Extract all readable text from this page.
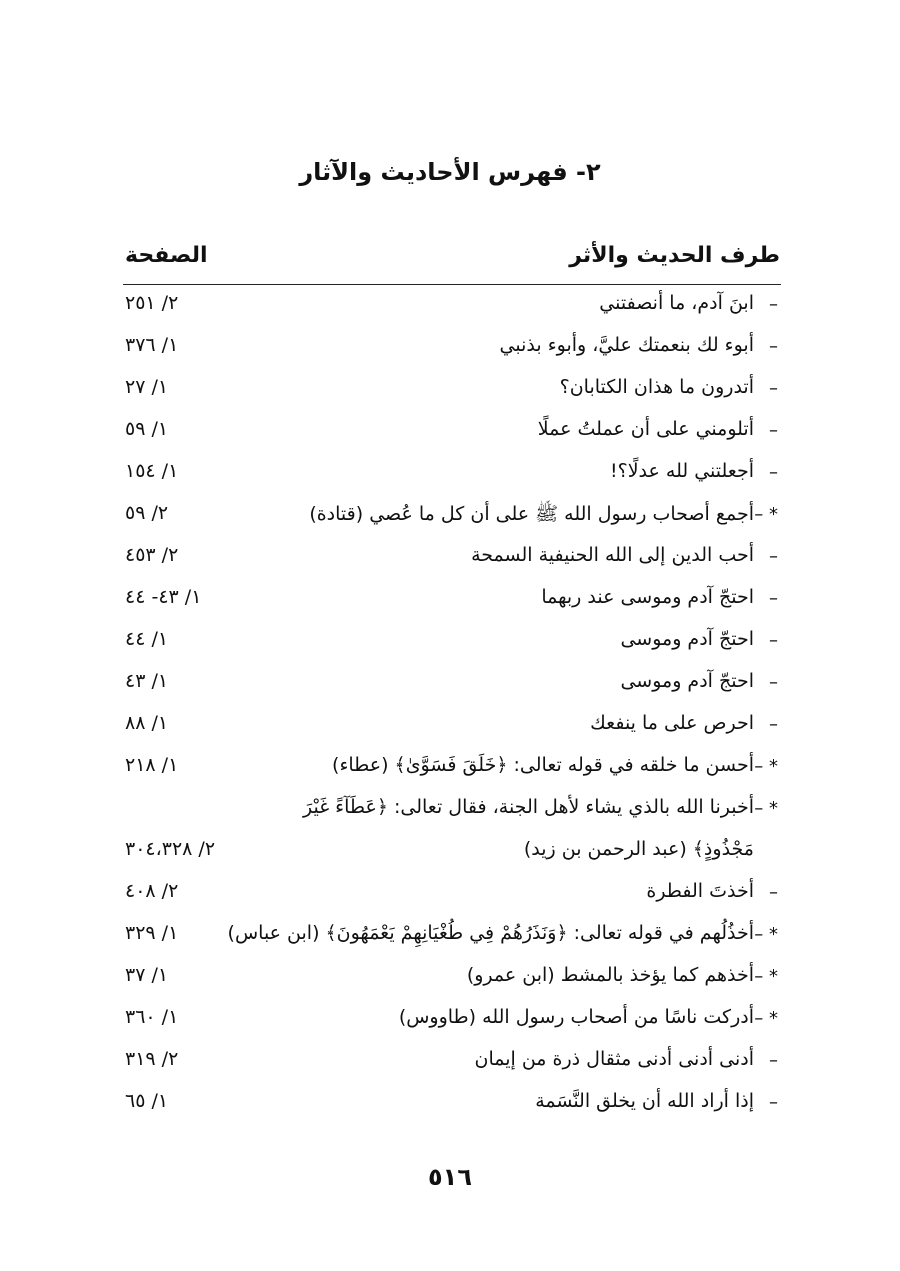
٢- فهرس الأحاديث والآثار
طرف الحديث والأثر
الصفحة
–
ابنَ آدم، ما أنصفتني
٢/ ٢٥١
–
أبوء لك بنعمتك عليَّ، وأبوء بذنبي
١/ ٣٧٦
–
أتدرون ما هذان الكتابان؟
١/ ٢٧
–
أتلومني على أن عملتُ عملًا
١/ ٥٩
–
أجعلتني لله عدلًا؟!
١/ ١٥٤
– *
أجمع أصحاب رسول الله ﷺ على أن كل ما عُصي (قتادة)
٢/ ٥٩
–
أحب الدين إلى الله الحنيفية السمحة
٢/ ٤٥٣
–
احتجّ آدم وموسى عند ربهما
١/ ٤٣- ٤٤
–
احتجّ آدم وموسى
١/ ٤٤
–
احتجّ آدم وموسى
١/ ٤٣
–
احرص على ما ينفعك
١/ ٨٨
– *
أحسن ما خلقه في قوله تعالى: ﴿خَلَقَ فَسَوَّىٰ﴾ (عطاء)
١/ ٢١٨
– *
أخبرنا الله بالذي يشاء لأهل الجنة، فقال تعالى: ﴿عَطَآءً غَيْرَ
مَجْذُوذٍ﴾ (عبد الرحمن بن زيد)
٢/ ٣٠٤،٣٢٨
–
أخذتَ الفطرة
٢/ ٤٠٨
– *
أخذُلُهم في قوله تعالى: ﴿وَنَذَرُهُمْ فِي طُغْيَانِهِمْ يَعْمَهُونَ﴾ (ابن عباس)
١/ ٣٢٩
– *
أخذهم كما يؤخذ بالمشط (ابن عمرو)
١/ ٣٧
– *
أدركت ناسًا من أصحاب رسول الله (طاووس)
١/ ٣٦٠
–
أدنى أدنى أدنى مثقال ذرة من إيمان
٢/ ٣١٩
–
إذا أراد الله أن يخلق النَّسَمة
١/ ٦٥
٥١٦
